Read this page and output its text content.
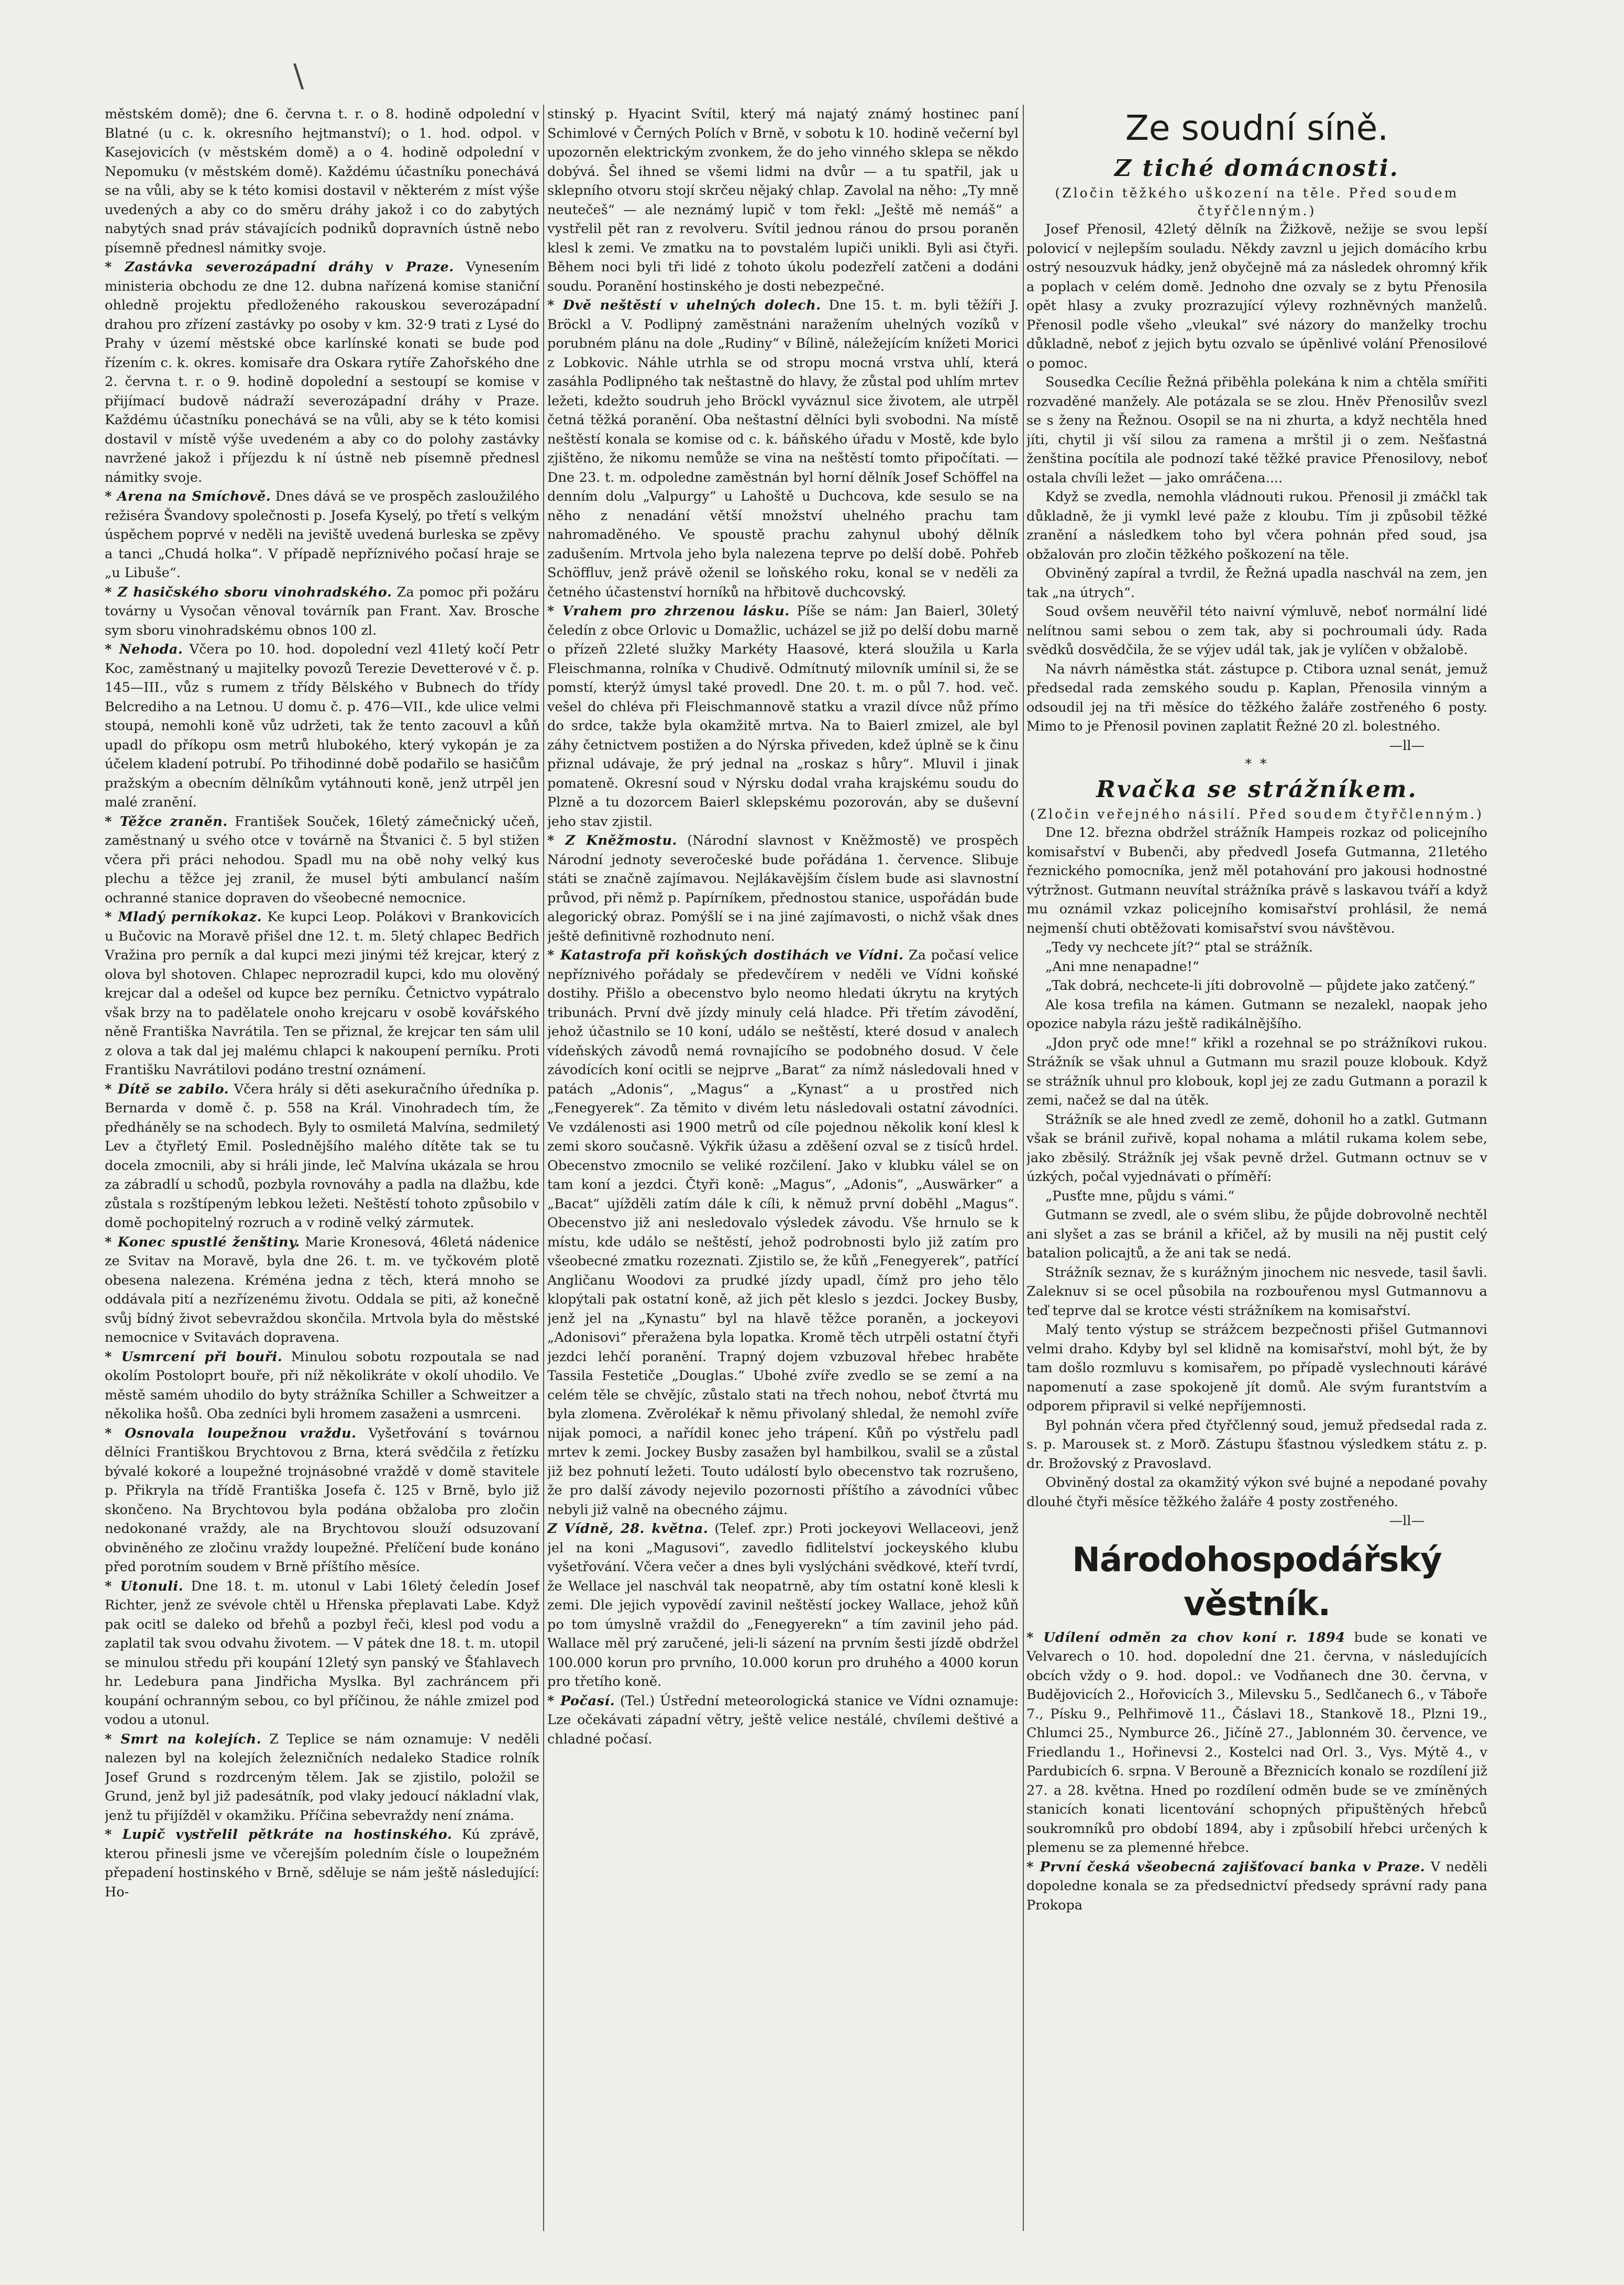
\

městském domě); dne 6. června t. r. o 8. hodině odpolední v Blatné (u c. k. okresního hejtmanství); o 1. hod. odpol. v Kasejovicích (v městském domě) a o 4. hodině odpolední v Nepomuku (v městském domě). Každému účastníku ponechává se na vůli, aby se k této komisi dostavil v některém z míst výše uvedených a aby co do směru dráhy jakož i co do zabytých nabytých snad práv stávajících podniků dopravních ústně nebo písemně přednesl námitky svoje.

* Zastávka severozápadní dráhy v Praze. Vynesením ministeria obchodu ze dne 12. dubna nařízená komise staniční ohledně projektu předloženého rakouskou severozápadní drahou pro zřízení zastávky po osoby v km. 32·9 trati z Lysé do Prahy v území městské obce karlínské konati se bude pod řízením c. k. okres. komisaře dra Oskara rytíře Zahořského dne 2. června t. r. o 9. hodině dopolední a sestoupí se komise v přijímací budově nádraží severozápadní dráhy v Praze. Každému účastníku ponechává se na vůli, aby se k této komisi dostavil v místě výše uvedeném a aby co do polohy zastávky navržené jakož i příjezdu k ní ústně neb písemně přednesl námitky svoje.

* Arena na Smíchově. Dnes dává se ve prospěch zasloužilého režiséra Švandovy společnosti p. Josefa Kyselý, po třetí s velkým úspěchem poprvé v neděli na jeviště uvedená burleska se zpěvy a tanci „Chudá holka“. V případě nepříznivého počasí hraje se „u Libuše“.

* Z hasičského sboru vinohradského. Za pomoc při požáru továrny u Vysočan věnoval továrník pan Frant. Xav. Brosche sym sboru vinohradskému obnos 100 zl.

* Nehoda. Včera po 10. hod. dopolední vezl 41letý kočí Petr Koc, zaměstnaný u majitelky povozů Terezie Devetterové v č. p. 145—III., vůz s rumem z třídy Bělského v Bubnech do třídy Belcrediho a na Letnou. U domu č. p. 476—VII., kde ulice velmi stoupá, nemohli koně vůz udržeti, tak že tento zacouvl a kůň upadl do příkopu osm metrů hlubokého, který vykopán je za účelem kladení potrubí. Po třihodinné době podařilo se hasičům pražským a obecním dělníkům vytáhnouti koně, jenž utrpěl jen malé zranění.

* Těžce zraněn. František Souček, 16letý zámečnický učeň, zaměstnaný u svého otce v továrně na Štvanici č. 5 byl stižen včera při práci nehodou. Spadl mu na obě nohy velký kus plechu a těžce jej zranil, že musel býti ambulancí naším ochranné stanice dopraven do všeobecné nemocnice.

* Mladý perníkokaz. Ke kupci Leop. Polákovi v Brankovicích u Bučovic na Moravě přišel dne 12. t. m. 5letý chlapec Bedřich Vražina pro perník a dal kupci mezi jinými též krejcar, který z olova byl shotoven. Chlapec neprozradil kupci, kdo mu olověný krejcar dal a odešel od kupce bez perníku. Četnictvo vypátralo však brzy na to padělatele onoho krejcaru v osobě kovářského něně Františka Navrátila. Ten se přiznal, že krejcar ten sám ulil z olova a tak dal jej malému chlapci k nakoupení perníku. Proti Františku Navrátilovi podáno trestní oznámení.

* Dítě se zabilo. Včera hrály si děti asekuračního úředníka p. Bernarda v domě č. p. 558 na Král. Vinohradech tím, že předháněly se na schodech. Byly to osmiletá Malvína, sedmiletý Lev a čtyřletý Emil. Poslednějšího malého dítěte tak se tu docela zmocnili, aby si hráli jinde, leč Malvína ukázala se hrou za zábradlí u schodů, pozbyla rovnováhy a padla na dlažbu, kde zůstala s rozštípeným lebkou ležeti. Neštěstí tohoto způsobilo v domě pochopitelný rozruch a v rodině velký zármutek.

* Konec spustlé ženštiny. Marie Kronesová, 46letá nádenice ze Svitav na Moravě, byla dne 26. t. m. ve tyčkovém plotě obesena nalezena. Kréména jedna z těch, která mnoho se oddávala pití a nezřízenému životu. Oddala se piti, až konečně svůj bídný život sebevraždou skončila. Mrtvola byla do městské nemocnice v Svitavách dopravena.

* Usmrcení při bouři. Minulou sobotu rozpoutala se nad okolím Postoloprt bouře, při níž několikráte v okolí uhodilo. Ve městě samém uhodilo do byty strážníka Schiller a Schweitzer a několika hošů. Oba zedníci byli hromem zasaženi a usmrceni.

* Osnovala loupežnou vraždu. Vyšetřování s továrnou dělníci Františkou Brychtovou z Brna, která svědčila z řetízku bývalé kokoré a loupežné trojnásobné vraždě v domě stavitele p. Přikryla na třídě Františka Josefa č. 125 v Brně, bylo již skončeno. Na Brychtovou byla podána obžaloba pro zločin nedokonané vraždy, ale na Brychtovou slouží odsuzovaní obviněného ze zločinu vraždy loupežné. Přelíčení bude konáno před porotním soudem v Brně příštího měsíce.

* Utonuli. Dne 18. t. m. utonul v Labi 16letý čeledín Josef Richter, jenž ze svévole chtěl u Hřenska přeplavati Labe. Když pak ocitl se daleko od břehů a pozbyl řeči, klesl pod vodu a zaplatil tak svou odvahu životem. — V pátek dne 18. t. m. utopil se minulou středu při koupání 12letý syn panský ve Šťahlavech hr. Ledebura pana Jindřicha Myslka. Byl zachráncem při koupání ochranným sebou, co byl příčinou, že náhle zmizel pod vodou a utonul.

* Smrt na kolejích. Z Teplice se nám oznamuje: V neděli nalezen byl na kolejích železničních nedaleko Stadice rolník Josef Grund s rozdrceným tělem. Jak se zjistilo, položil se Grund, jenž byl již padesátník, pod vlaky jedoucí nákladní vlak, jenž tu přijížděl v okamžiku. Příčina sebevraždy není známa.

* Lupič vystřelil pětkráte na hostinského. Kú zprávě, kterou přinesli jsme ve včerejším poledním čísle o loupežném přepadení hostinského v Brně, sděluje se nám ještě následující: Ho-

stinský p. Hyacint Svítil, který má najatý známý hostinec paní Schimlové v Černých Polích v Brně, v sobotu k 10. hodině večerní byl upozorněn elektrickým zvonkem, že do jeho vinného sklepa se někdo dobývá. Šel ihned se všemi lidmi na dvůr — a tu spatřil, jak u sklepního otvoru stojí skrčeu nějaký chlap. Zavolal na něho: „Ty mně neutečeš“ — ale neznámý lupič v tom řekl: „Ještě mě nemáš“ a vystřelil pět ran z revolveru. Svítil jednou ránou do prsou poraněn klesl k zemi. Ve zmatku na to povstalém lupiči unikli. Byli asi čtyři. Během noci byli tři lidé z tohoto úkolu podezřelí zatčeni a dodáni soudu. Poranění hostinského je dosti nebezpečné.

* Dvě neštěstí v uhelných dolech. Dne 15. t. m. byli těžíři J. Bröckl a V. Podlipný zaměstnáni naražením uhelných vozíků v porubném plánu na dole „Rudiny“ v Bílině, náležejícím knížeti Morici z Lobkovic. Náhle utrhla se od stropu mocná vrstva uhlí, která zasáhla Podlipného tak neštastně do hlavy, že zůstal pod uhlím mrtev ležeti, kdežto soudruh jeho Bröckl vyváznul sice životem, ale utrpěl četná těžká poranění. Oba neštastní dělníci byli svobodni. Na místě neštěstí konala se komise od c. k. báňského úřadu v Mostě, kde bylo zjištěno, že nikomu nemůže se vina na neštěstí tomto připočítati. — Dne 23. t. m. odpoledne zaměstnán byl horní dělník Josef Schöffel na denním dolu „Valpurgy“ u Lahoště u Duchcova, kde sesulo se na něho z nenadání větší množství uhelného prachu tam nahromaděného. Ve spoustě prachu zahynul ubohý dělník zadušením. Mrtvola jeho byla nalezena teprve po delší době. Pohřeb Schöffluv, jenž právě oženil se loňského roku, konal se v neděli za četného účastenství horníků na hřbitově duchcovský.

* Vrahem pro zhrzenou lásku. Píše se nám: Jan Baierl, 30letý čeledín z obce Orlovic u Domažlic, ucházel se již po delší dobu marně o přízeň 22leté služky Markéty Haasové, která sloužila u Karla Fleischmanna, rolníka v Chudivě. Odmítnutý milovník umínil si, že se pomstí, kterýž úmysl také provedl. Dne 20. t. m. o půl 7. hod. več. vešel do chléva při Fleischmannově statku a vrazil dívce nůž přímo do srdce, takže byla okamžitě mrtva. Na to Baierl zmizel, ale byl záhy četnictvem postižen a do Nýrska přiveden, kdež úplně se k činu přiznal udávaje, že prý jednal na „roskaz s hůry“. Mluvil i jinak pomateně. Okresní soud v Nýrsku dodal vraha krajskému soudu do Plzně a tu dozorcem Baierl sklepskému pozorován, aby se duševní jeho stav zjistil.

* Z Kněžmostu. (Národní slavnost v Kněžmostě) ve prospěch Národní jednoty severočeské bude pořádána 1. července. Slibuje státi se značně zajímavou. Nejlákavějším číslem bude asi slavnostní průvod, při němž p. Papírníkem, přednostou stanice, uspořádán bude alegorický obraz. Pomýšlí se i na jiné zajímavosti, o nichž však dnes ještě definitivně rozhodnuto není.

* Katastrofa při koňských dostihách ve Vídni. Za počasí velice nepříznivého pořádaly se předevčírem v neděli ve Vídni koňské dostihy. Přišlo a obecenstvo bylo neomo hledati úkrytu na krytých tribunách. První dvě jízdy minuly celá hladce. Při třetím závodění, jehož účastnilo se 10 koní, událo se neštěstí, které dosud v analech vídeňských závodů nemá rovnajícího se podobného dosud. V čele závodících koní ocitli se nejprve „Barat“ za nímž následovali hned v patách „Adonis“, „Magus“ a „Kynast“ a u prostřed nich „Fenegyerek“. Za těmito v divém letu následovali ostatní závodníci. Ve vzdálenosti asi 1900 metrů od cíle pojednou několik koní klesl k zemi skoro současně. Výkřik úžasu a zděšení ozval se z tisíců hrdel. Obecenstvo zmocnilo se veliké rozčilení. Jako v klubku válel se on tam koní a jezdci. Čtyři koně: „Magus“, „Adonis“, „Auswärker“ a „Bacat“ ujížděli zatím dále k cíli, k němuž první doběhl „Magus“. Obecenstvo již ani nesledovalo výsledek závodu. Vše hrnulo se k místu, kde událo se neštěstí, jehož podrobnosti bylo již zatím pro všeobecné zmatku rozeznati. Zjistilo se, že kůň „Fenegyerek“, patřící Angličanu Woodovi za prudké jízdy upadl, čímž pro jeho tělo klopýtali pak ostatní koně, až jich pět kleslo s jezdci. Jockey Busby, jenž jel na „Kynastu“ byl na hlavě těžce poraněn, a jockeyovi „Adonisovi“ přeražena byla lopatka. Kromě těch utrpěli ostatní čtyři jezdci lehčí poranění. Trapný dojem vzbuzoval hřebec hraběte Tassila Festetiče „Douglas.“ Ubohé zvíře zvedlo se se zemí a na celém těle se chvějíc, zůstalo stati na třech nohou, neboť čtvrtá mu byla zlomena. Zvěrolékař k němu přivolaný shledal, že nemohl zvíře nijak pomoci, a nařídil konec jeho trápení. Kůň po výstřelu padl mrtev k zemi. Jockey Busby zasažen byl hambilkou, svalil se a zůstal již bez pohnutí ležeti. Touto událostí bylo obecenstvo tak rozrušeno, že pro další závody nejevilo pozornosti příštího a závodníci vůbec nebyli již valně na obecného zájmu.

Z Vídně, 28. května. (Telef. zpr.) Proti jockeyovi Wellaceovi, jenž jel na koni „Magusovi“, zavedlo fidlitelství jockeyského klubu vyšetřování. Včera večer a dnes byli vyslýcháni svědkové, kteří tvrdí, že Wellace jel naschvál tak neopatrně, aby tím ostatní koně klesli k zemi. Dle jejich vypovědí zavinil neštěstí jockey Wallace, jehož kůň po tom úmyslně vraždil do „Fenegyerekn“ a tím zavinil jeho pád. Wallace měl prý zaručené, jeli-li sázení na prvním šesti jízdě obdržel 100.000 korun pro prvního, 10.000 korun pro druhého a 4000 korun pro třetího koně.

* Počasí. (Tel.) Ústřední meteorologická stanice ve Vídni oznamuje: Lze očekávati západní větry, ještě velice nestálé, chvílemi deštivé a chladné počasí.

Ze soudní síně.
Z tiché domácnosti.
(Zločin těžkého uškození na těle. Před soudem čtyřčlenným.)

Josef Přenosil, 42letý dělník na Žižkově, nežije se svou lepší polovicí v nejlepším souladu. Někdy zavznl u jejich domácího krbu ostrý nesouzvuk hádky, jenž obyčejně má za následek ohromný křik a poplach v celém domě. Jednoho dne ozvaly se z bytu Přenosila opět hlasy a zvuky prozrazující výlevy rozhněvných manželů. Přenosil podle všeho „vleukal“ své názory do manželky trochu důkladně, neboť z jejich bytu ozvalo se úpěnlivé volání Přenosilové o pomoc.

Sousedka Cecílie Řežná přiběhla polekána k nim a chtěla smířiti rozvaděné manžely. Ale potázala se se zlou. Hněv Přenosilův svezl se s ženy na Řežnou. Osopil se na ni zhurta, a když nechtěla hned jíti, chytil ji vší silou za ramena a mrštil ji o zem. Nešťastná ženština pocítila ale podnozí také těžké pravice Přenosilovy, neboť ostala chvíli ležet — jako omráčena....

Když se zvedla, nemohla vládnouti rukou. Přenosil ji zmáčkl tak důkladně, že ji vymkl levé paže z kloubu. Tím ji způsobil těžké zranění a následkem toho byl včera pohnán před soud, jsa obžalován pro zločin těžkého poškození na těle.

Obviněný zapíral a tvrdil, že Řežná upadla naschvál na zem, jen tak „na útrych“.

Soud ovšem neuvěřil této naivní výmluvě, neboť normální lidé nelítnou sami sebou o zem tak, aby si pochroumali údy. Rada svědků dosvědčila, že se výjev udál tak, jak je vylíčen v obžalobě.

Na návrh náměstka stát. zástupce p. Ctibora uznal senát, jemuž předsedal rada zemského soudu p. Kaplan, Přenosila vinným a odsoudil jej na tři měsíce do těžkého žaláře zostřeného 6 posty. Mimo to je Přenosil povinen zaplatit Řežné 20 zl. bolestného.

—ll—

* *
Rvačka se strážníkem.
(Zločin veřejného násilí. Před soudem čtyřčlenným.)

Dne 12. března obdržel strážník Hampeis rozkaz od policejního komisařství v Bubenči, aby předvedl Josefa Gutmanna, 21letého řeznického pomocníka, jenž měl potahování pro jakousi hodnostné výtržnost. Gutmann neuvítal strážníka právě s laskavou tváří a když mu oznámil vzkaz policejního komisařství prohlásil, že nemá nejmenší chuti obtěžovati komisařství svou návštěvou.

„Tedy vy nechcete jít?“ ptal se strážník.

„Ani mne nenapadne!“

„Tak dobrá, nechcete-li jíti dobrovolně — půjdete jako zatčený.“

Ale kosa trefila na kámen. Gutmann se nezalekl, naopak jeho opozice nabyla rázu ještě radikálnějšího.

„Jdon pryč ode mne!“ křikl a rozehnal se po strážníkovi rukou. Strážník se však uhnul a Gutmann mu srazil pouze klobouk. Když se strážník uhnul pro klobouk, kopl jej ze zadu Gutmann a porazil k zemi, načež se dal na útěk.

Strážník se ale hned zvedl ze země, dohonil ho a zatkl. Gutmann však se bránil zuřivě, kopal nohama a mlátil rukama kolem sebe, jako zběsilý. Strážník jej však pevně držel. Gutmann octnuv se v úzkých, počal vyjednávati o příměří:

„Pusťte mne, půjdu s vámi.“

Gutmann se zvedl, ale o svém slibu, že půjde dobrovolně nechtěl ani slyšet a zas se bránil a křičel, až by musili na něj pustit celý batalion policajtů, a že ani tak se nedá.

Strážník seznav, že s kurážným jinochem nic nesvede, tasil šavli. Zaleknuv si se ocel působila na rozbouřenou mysl Gutmannovu a teď teprve dal se krotce vésti strážníkem na komisařství.

Malý tento výstup se strážcem bezpečnosti přišel Gutmannovi velmi draho. Kdyby byl sel klidně na komisařství, mohl být, že by tam došlo rozmluvu s komisařem, po případě vyslechnouti kárávé napomenutí a zase spokojeně jít domů. Ale svým furantstvím a odporem připravil si velké nepříjemnosti.

Byl pohnán včera před čtyřčlenný soud, jemuž předsedal rada z. s. p. Marousek st. z Morð. Zástupu šťastnou výsledkem státu z. p. dr. Brožovský z Pravoslavd.

Obviněný dostal za okamžitý výkon své bujné a nepodané povahy dlouhé čtyři měsíce těžkého žaláře 4 posty zostřeného.

—ll—

Národohospodářský věstník.

* Udílení odměn za chov koní r. 1894 bude se konati ve Velvarech o 10. hod. dopolední dne 21. června, v následujících obcích vždy o 9. hod. dopol.: ve Vodňanech dne 30. června, v Budějovicích 2., Hořovicích 3., Milevsku 5., Sedlčanech 6., v Táboře 7., Písku 9., Pelhřimově 11., Čáslavi 18., Stankově 18., Plzni 19., Chlumci 25., Nymburce 26., Jičíně 27., Jablonném 30. července, ve Friedlandu 1., Hořinevsi 2., Kostelci nad Orl. 3., Vys. Mýtě 4., v Pardubicích 6. srpna. V Berouně a Březnicích konalo se rozdílení již 27. a 28. května. Hned po rozdílení odměn bude se ve zmíněných stanicích konati licentování schopných připuštěných hřebců soukromníků pro období 1894, aby i způsobilí hřebci určených k plemenu se za plemenné hřebce.

* První česká všeobecná zajišťovací banka v Praze. V neděli dopoledne konala se za předsednictví předsedy správní rady pana Prokopa
